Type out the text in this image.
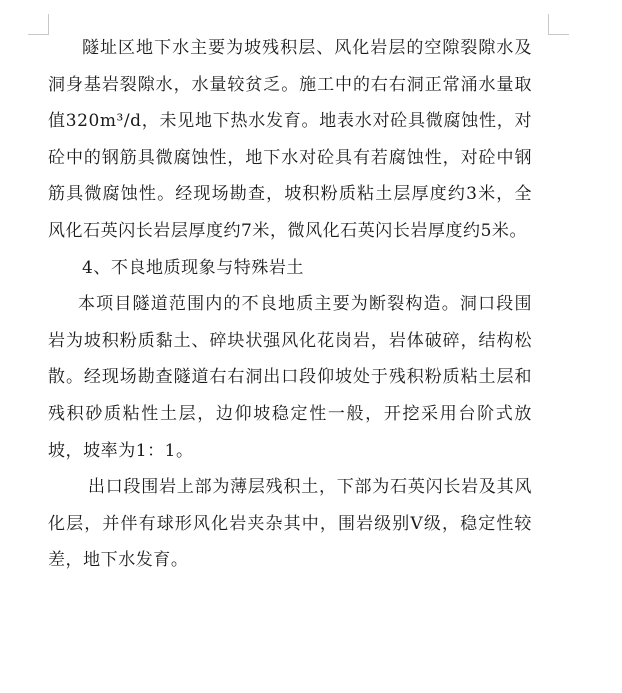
隧址区地下水主要为坡残积层、风化岩层的空隙裂隙水及洞身基岩裂隙水，水量较贫乏。施工中的右右洞正常涌水量取值320m³/d，未见地下热水发育。地表水对砼具微腐蚀性，对砼中的钢筋具微腐蚀性，地下水对砼具有若腐蚀性，对砼中钢筋具微腐蚀性。经现场勘查，坡积粉质粘土层厚度约3米，全风化石英闪长岩层厚度约7米，微风化石英闪长岩厚度约5米。

4、不良地质现象与特殊岩土

本项目隧道范围内的不良地质主要为断裂构造。洞口段围岩为坡积粉质黏土、碎块状强风化花岗岩，岩体破碎，结构松散。经现场勘查隧道右右洞出口段仰坡处于残积粉质粘土层和残积砂质粘性土层，边仰坡稳定性一般，开挖采用台阶式放坡，坡率为1：1。

出口段围岩上部为薄层残积土，下部为石英闪长岩及其风化层，并伴有球形风化岩夹杂其中，围岩级别Ⅴ级，稳定性较差，地下水发育。
